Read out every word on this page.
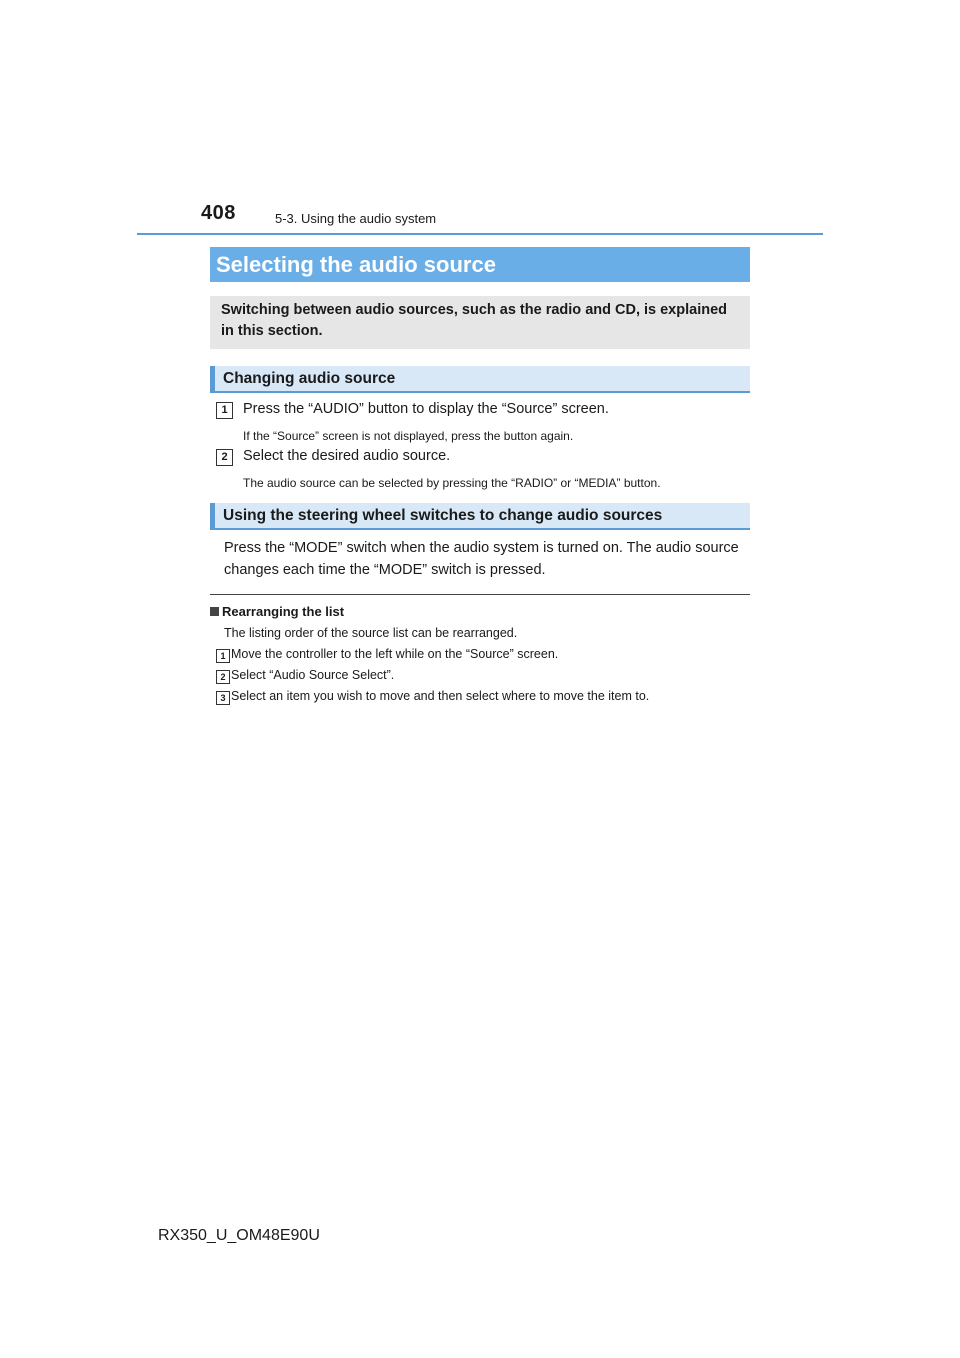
408	5-3. Using the audio system
Selecting the audio source
Switching between audio sources, such as the radio and CD, is explained in this section.
Changing audio source
1	Press the “AUDIO” button to display the “Source” screen.
If the “Source” screen is not displayed, press the button again.
2	Select the desired audio source.
The audio source can be selected by pressing the “RADIO” or “MEDIA” button.
Using the steering wheel switches to change audio sources
Press the “MODE” switch when the audio system is turned on. The audio source changes each time the “MODE” switch is pressed.
Rearranging the list
The listing order of the source list can be rearranged.
1 Move the controller to the left while on the “Source” screen.
2 Select “Audio Source Select”.
3 Select an item you wish to move and then select where to move the item to.
RX350_U_OM48E90U
